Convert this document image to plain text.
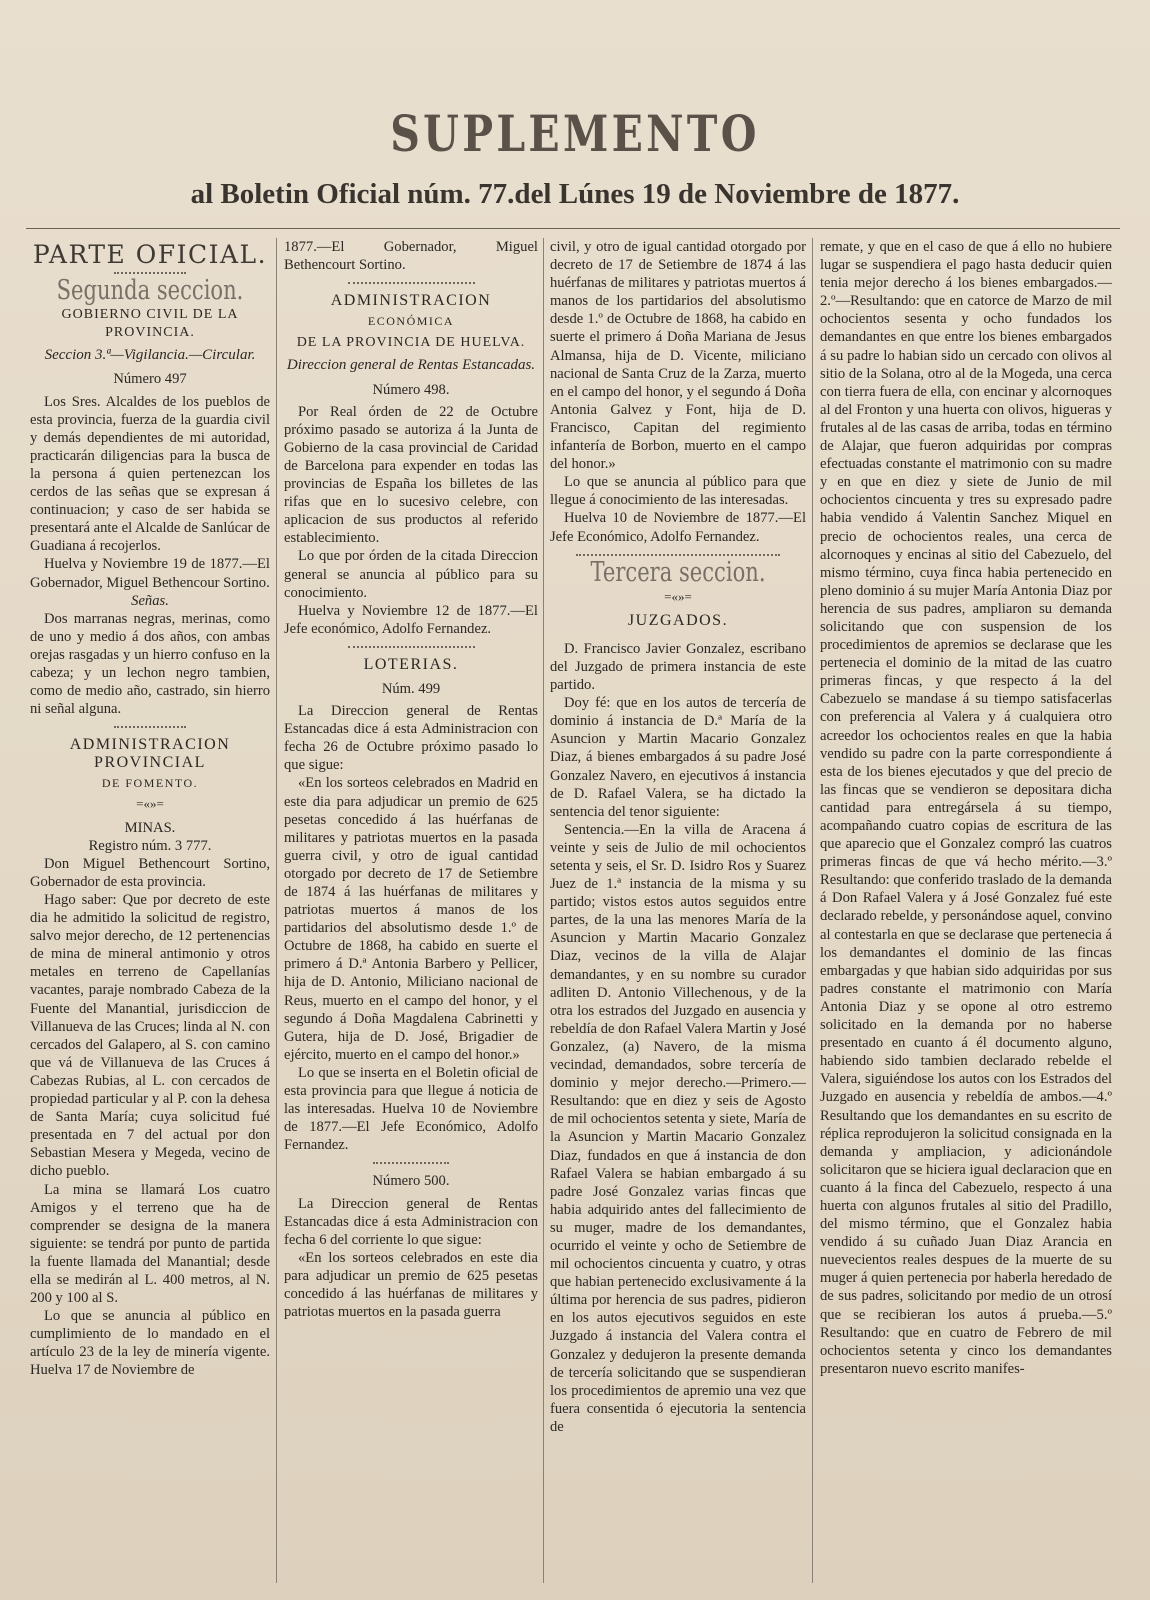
SUPLEMENTO
al Boletin Oficial núm. 77.del Lúnes 19 de Noviembre de 1877.
PARTE OFICIAL.
Segunda seccion.
GOBIERNO CIVIL DE LA PROVINCIA.
Seccion 3.ª—Vigilancia.—Circular.
Número 497

Los Sres. Alcaldes de los pueblos de esta provincia, fuerza de la guardia civil y demás dependientes de mi autoridad, practicarán diligencias para la busca de la persona á quien pertenezcan los cerdos de las señas que se expresan á continuacion; y caso de ser habida se presentará ante el Alcalde de Sanlúcar de Guadiana á recojerlos.

Huelva y Noviembre 19 de 1877.—El Gobernador, Miguel Bethencour Sortino.

Señas.

Dos marranas negras, merinas, como de uno y medio á dos años, con ambas orejas rasgadas y un hierro confuso en la cabeza; y un lechon negro tambien, como de medio año, castrado, sin hierro ni señal alguna.

ADMINISTRACION PROVINCIAL
DE FOMENTO.
=«»=
MINAS.
Registro núm. 3 777.

Don Miguel Bethencourt Sortino, Gobernador de esta provincia.

Hago saber: Que por decreto de este dia he admitido la solicitud de registro, salvo mejor derecho, de 12 pertenencias de mina de mineral antimonio y otros metales en terreno de Capellanías vacantes, paraje nombrado Cabeza de la Fuente del Manantial, jurisdiccion de Villanueva de las Cruces; linda al N. con cercados del Galapero, al S. con camino que vá de Villanueva de las Cruces á Cabezas Rubias, al L. con cercados de propiedad particular y al P. con la dehesa de Santa María; cuya solicitud fué presentada en 7 del actual por don Sebastian Mesera y Megeda, vecino de dicho pueblo.

La mina se llamará Los cuatro Amigos y el terreno que ha de comprender se designa de la manera siguiente: se tendrá por punto de partida la fuente llamada del Manantial; desde ella se medirán al L. 400 metros, al N. 200 y 100 al S.

Lo que se anuncia al público en cumplimiento de lo mandado en el artículo 23 de la ley de minería vigente. Huelva 17 de Noviembre de

1877.—El Gobernador, Miguel Bethencourt Sortino.

ADMINISTRACION
ECONÓMICA
DE LA PROVINCIA DE HUELVA.
Direccion general de Rentas Estancadas.
Número 498.

Por Real órden de 22 de Octubre próximo pasado se autoriza á la Junta de Gobierno de la casa provincial de Caridad de Barcelona para expender en todas las provincias de España los billetes de las rifas que en lo sucesivo celebre, con aplicacion de sus productos al referido establecimiento.

Lo que por órden de la citada Direccion general se anuncia al público para su conocimiento.

Huelva y Noviembre 12 de 1877.—El Jefe económico, Adolfo Fernandez.

LOTERIAS.
Núm. 499

La Direccion general de Rentas Estancadas dice á esta Administracion con fecha 26 de Octubre próximo pasado lo que sigue:

«En los sorteos celebrados en Madrid en este dia para adjudicar un premio de 625 pesetas concedido á las huérfanas de militares y patriotas muertos en la pasada guerra civil, y otro de igual cantidad otorgado por decreto de 17 de Setiembre de 1874 á las huérfanas de militares y patriotas muertos á manos de los partidarios del absolutismo desde 1.º de Octubre de 1868, ha cabido en suerte el primero á D.ª Antonia Barbero y Pellicer, hija de D. Antonio, Miliciano nacional de Reus, muerto en el campo del honor, y el segundo á Doña Magdalena Cabrinetti y Gutera, hija de D. José, Brigadier de ejército, muerto en el campo del honor.»

Lo que se inserta en el Boletin oficial de esta provincia para que llegue á noticia de las interesadas. Huelva 10 de Noviembre de 1877.—El Jefe Económico, Adolfo Fernandez.

Número 500.

La Direccion general de Rentas Estancadas dice á esta Administracion con fecha 6 del corriente lo que sigue:

«En los sorteos celebrados en este dia para adjudicar un premio de 625 pesetas concedido á las huérfanas de militares y patriotas muertos en la pasada guerra

civil, y otro de igual cantidad otorgado por decreto de 17 de Setiembre de 1874 á las huérfanas de militares y patriotas muertos á manos de los partidarios del absolutismo desde 1.º de Octubre de 1868, ha cabido en suerte el primero á Doña Mariana de Jesus Almansa, hija de D. Vicente, miliciano nacional de Santa Cruz de la Zarza, muerto en el campo del honor, y el segundo á Doña Antonia Galvez y Font, hija de D. Francisco, Capitan del regimiento infantería de Borbon, muerto en el campo del honor.»

Lo que se anuncia al público para que llegue á conocimiento de las interesadas.

Huelva 10 de Noviembre de 1877.—El Jefe Económico, Adolfo Fernandez.

Tercera seccion.
=«»=
JUZGADOS.

D. Francisco Javier Gonzalez, escribano del Juzgado de primera instancia de este partido.

Doy fé: que en los autos de tercería de dominio á instancia de D.ª María de la Asuncion y Martin Macario Gonzalez Diaz, á bienes embargados á su padre José Gonzalez Navero, en ejecutivos á instancia de D. Rafael Valera, se ha dictado la sentencia del tenor siguiente:

Sentencia.—En la villa de Aracena á veinte y seis de Julio de mil ochocientos setenta y seis, el Sr. D. Isidro Ros y Suarez Juez de 1.ª instancia de la misma y su partido; vistos estos autos seguidos entre partes, de la una las menores María de la Asuncion y Martin Macario Gonzalez Diaz, vecinos de la villa de Alajar demandantes, y en su nombre su curador adliten D. Antonio Villechenous, y de la otra los estrados del Juzgado en ausencia y rebeldía de don Rafael Valera Martin y José Gonzalez, (a) Navero, de la misma vecindad, demandados, sobre tercería de dominio y mejor derecho.—Primero.—Resultando: que en diez y seis de Agosto de mil ochocientos setenta y siete, María de la Asuncion y Martin Macario Gonzalez Diaz, fundados en que á instancia de don Rafael Valera se habian embargado á su padre José Gonzalez varias fincas que habia adquirido antes del fallecimiento de su muger, madre de los demandantes, ocurrido el veinte y ocho de Setiembre de mil ochocientos cincuenta y cuatro, y otras que habian pertenecido exclusivamente á la última por herencia de sus padres, pidieron en los autos ejecutivos seguidos en este Juzgado á instancia del Valera contra el Gonzalez y dedujeron la presente demanda de tercería solicitando que se suspendieran los procedimientos de apremio una vez que fuera consentida ó ejecutoria la sentencia de

remate, y que en el caso de que á ello no hubiere lugar se suspendiera el pago hasta deducir quien tenia mejor derecho á los bienes embargados.—2.º—Resultando: que en catorce de Marzo de mil ochocientos sesenta y ocho fundados los demandantes en que entre los bienes embargados á su padre lo habian sido un cercado con olivos al sitio de la Solana, otro al de la Mogeda, una cerca con tierra fuera de ella, con encinar y alcornoques al del Fronton y una huerta con olivos, higueras y frutales al de las casas de arriba, todas en término de Alajar, que fueron adquiridas por compras efectuadas constante el matrimonio con su madre y en que en diez y siete de Junio de mil ochocientos cincuenta y tres su expresado padre habia vendido á Valentin Sanchez Miquel en precio de ochocientos reales, una cerca de alcornoques y encinas al sitio del Cabezuelo, del mismo término, cuya finca habia pertenecido en pleno dominio á su mujer María Antonia Diaz por herencia de sus padres, ampliaron su demanda solicitando que con suspension de los procedimientos de apremios se declarase que les pertenecia el dominio de la mitad de las cuatro primeras fincas, y que respecto á la del Cabezuelo se mandase á su tiempo satisfacerlas con preferencia al Valera y á cualquiera otro acreedor los ochocientos reales en que la habia vendido su padre con la parte correspondiente á esta de los bienes ejecutados y que del precio de las fincas que se vendieron se depositara dicha cantidad para entregársela á su tiempo, acompañando cuatro copias de escritura de las que aparecio que el Gonzalez compró las cuatros primeras fincas de que vá hecho mérito.—3.º Resultando: que conferido traslado de la demanda á Don Rafael Valera y á José Gonzalez fué este declarado rebelde, y personándose aquel, convino al contestarla en que se declarase que pertenecia á los demandantes el dominio de las fincas embargadas y que habian sido adquiridas por sus padres constante el matrimonio con María Antonia Diaz y se opone al otro estremo solicitado en la demanda por no haberse presentado en cuanto á él documento alguno, habiendo sido tambien declarado rebelde el Valera, siguiéndose los autos con los Estrados del Juzgado en ausencia y rebeldía de ambos.—4.º Resultando que los demandantes en su escrito de réplica reprodujeron la solicitud consignada en la demanda y ampliacion, y adicionándole solicitaron que se hiciera igual declaracion que en cuanto á la finca del Cabezuelo, respecto á una huerta con algunos frutales al sitio del Pradillo, del mismo término, que el Gonzalez habia vendido á su cuñado Juan Diaz Arancia en nuevecientos reales despues de la muerte de su muger á quien pertenecia por haberla heredado de de sus padres, solicitando por medio de un otrosí que se recibieran los autos á prueba.—5.º Resultando: que en cuatro de Febrero de mil ochocientos setenta y cinco los demandantes presentaron nuevo escrito manifes-
